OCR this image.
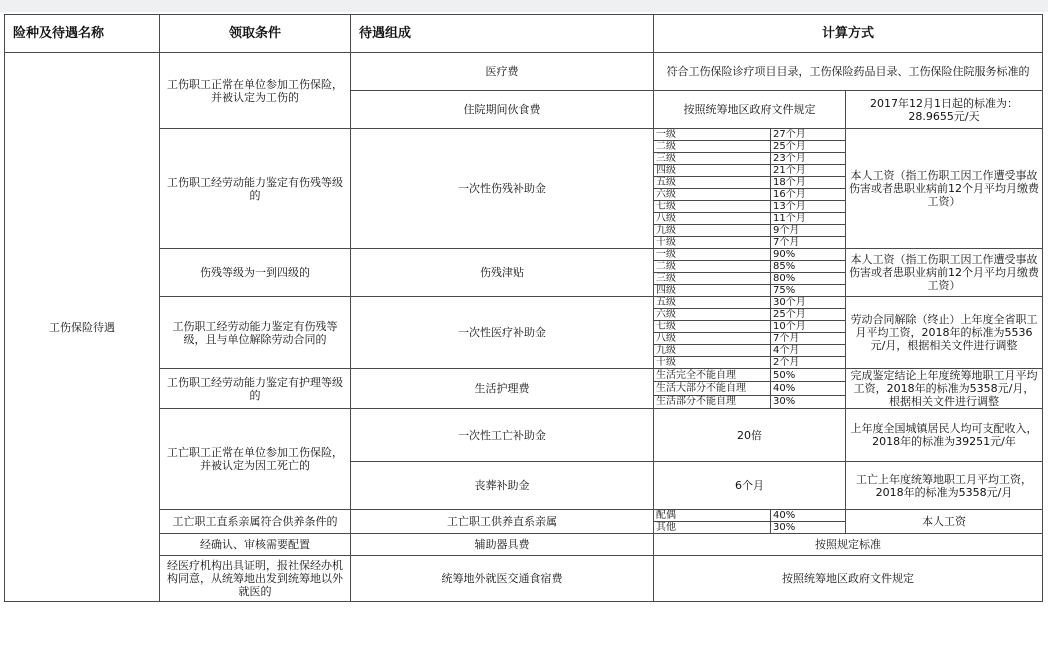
险种及待遇名称	领取条件	待遇组成	计算方式		
工伤保险待遇	工伤职工正常在单位参加工伤保险，并被认定为工伤的	医疗费	符合工伤保险诊疗项目目录，工伤保险药品目录、工伤保险住院服务标准的		
		住院期间伙食费	按照统筹地区政府文件规定		2017年12月1日起的标准为：28.9655元/天
	工伤职工经劳动能力鉴定有伤残等级的	一次性伤残补助金	一级	27个月	本人工资（指工伤职工因工作遭受事故伤害或者患职业病前12个月平均月缴费工资）
			二级	25个月	
			三级	23个月	
			四级	21个月	
			五级	18个月	
			六级	16个月	
			七级	13个月	
			八级	11个月	
			九级	9个月	
			十级	7个月	
	伤残等级为一到四级的	伤残津贴	一级	90%	本人工资（指工伤职工因工作遭受事故伤害或者患职业病前12个月平均月缴费工资）
			二级	85%	
			三级	80%	
			四级	75%	
	工伤职工经劳动能力鉴定有伤残等级，且与单位解除劳动合同的	一次性医疗补助金	五级	30个月	劳动合同解除（终止）上年度全省职工月平均工资，2018年的标准为5536元/月，根据相关文件进行调整
			六级	25个月	
			七级	10个月	
			八级	7个月	
			九级	4个月	
			十级	2个月	
	工伤职工经劳动能力鉴定有护理等级的	生活护理费	生活完全不能自理	50%	完成鉴定结论上年度统筹地职工月平均工资，2018年的标准为5358元/月，根据相关文件进行调整
			生活大部分不能自理	40%	
			生活部分不能自理	30%	
	工亡职工正常在单位参加工伤保险，并被认定为因工死亡的	一次性工亡补助金	20倍		上年度全国城镇居民人均可支配收入，2018年的标准为39251元/年
		丧葬补助金	6个月		工亡上年度统筹地职工月平均工资，2018年的标准为5358元/月
	工亡职工直系亲属符合供养条件的	工亡职工供养直系亲属	配偶	40%	本人工资
			其他	30%	
	经确认、审核需要配置	辅助器具费	按照规定标准		
	经医疗机构出具证明，报社保经办机构同意，从统筹地出发到统筹地以外就医的	统筹地外就医交通食宿费	按照统筹地区政府文件规定		
